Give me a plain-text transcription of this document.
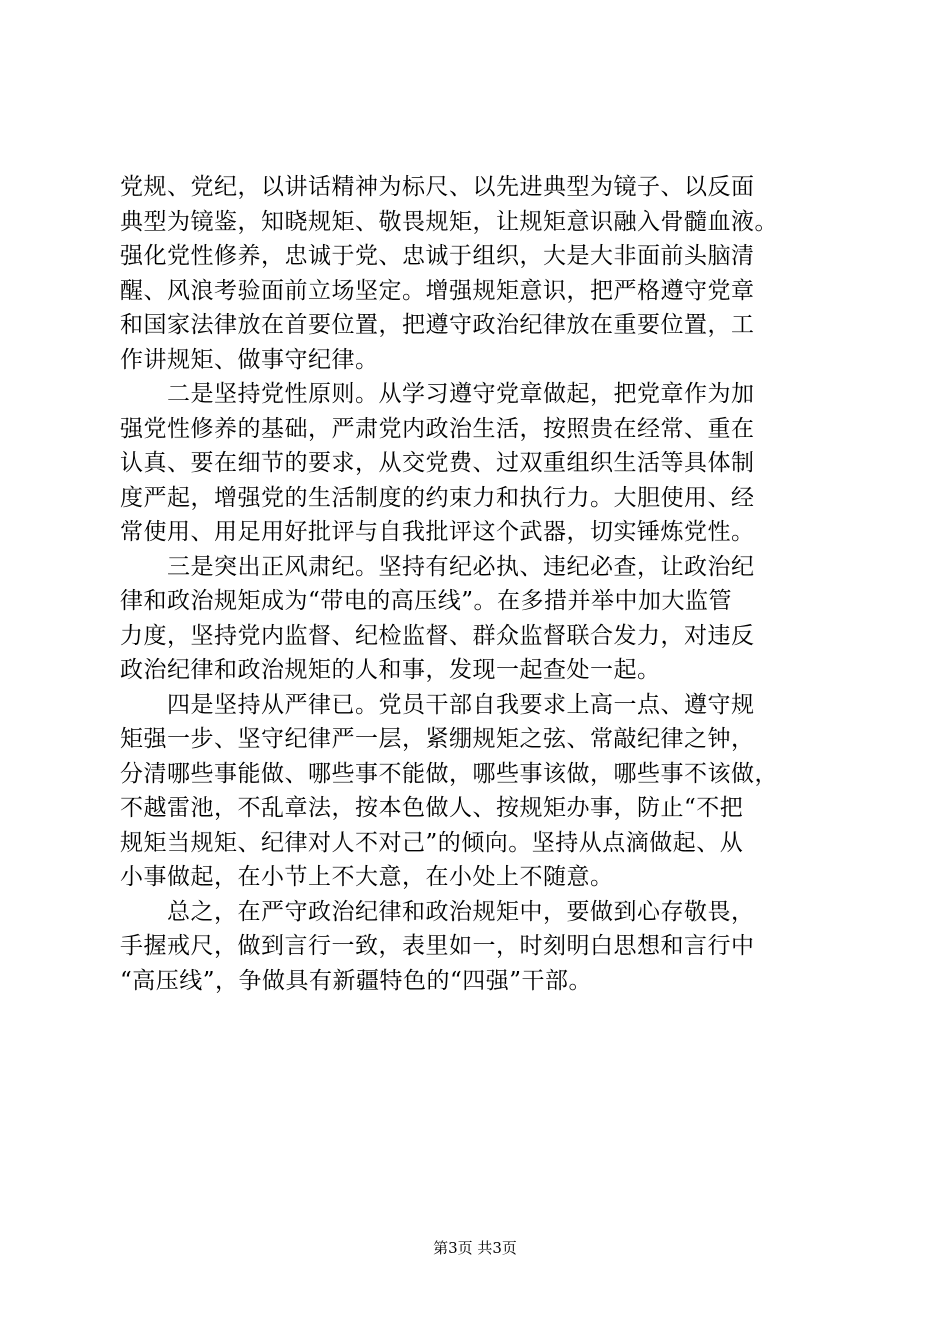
党规、党纪，以讲话精神为标尺、以先进典型为镜子、以反面
典型为镜鉴，知晓规矩、敬畏规矩，让规矩意识融入骨髓血液。
强化党性修养，忠诚于党、忠诚于组织，大是大非面前头脑清
醒、风浪考验面前立场坚定。增强规矩意识，把严格遵守党章
和国家法律放在首要位置，把遵守政治纪律放在重要位置，工
作讲规矩、做事守纪律。
　　二是坚持党性原则。从学习遵守党章做起，把党章作为加
强党性修养的基础，严肃党内政治生活，按照贵在经常、重在
认真、要在细节的要求，从交党费、过双重组织生活等具体制
度严起，增强党的生活制度的约束力和执行力。大胆使用、经
常使用、用足用好批评与自我批评这个武器，切实锤炼党性。
　　三是突出正风肃纪。坚持有纪必执、违纪必查，让政治纪
律和政治规矩成为“带电的高压线”。在多措并举中加大监管
力度，坚持党内监督、纪检监督、群众监督联合发力，对违反
政治纪律和政治规矩的人和事，发现一起查处一起。
　　四是坚持从严律已。党员干部自我要求上高一点、遵守规
矩强一步、坚守纪律严一层，紧绷规矩之弦、常敲纪律之钟，
分清哪些事能做、哪些事不能做，哪些事该做，哪些事不该做，
不越雷池，不乱章法，按本色做人、按规矩办事，防止“不把
规矩当规矩、纪律对人不对己”的倾向。坚持从点滴做起、从
小事做起，在小节上不大意，在小处上不随意。
　　总之，在严守政治纪律和政治规矩中，要做到心存敬畏，
手握戒尺，做到言行一致，表里如一，时刻明白思想和言行中
“高压线”，争做具有新疆特色的“四强”干部。
第3页 共3页
